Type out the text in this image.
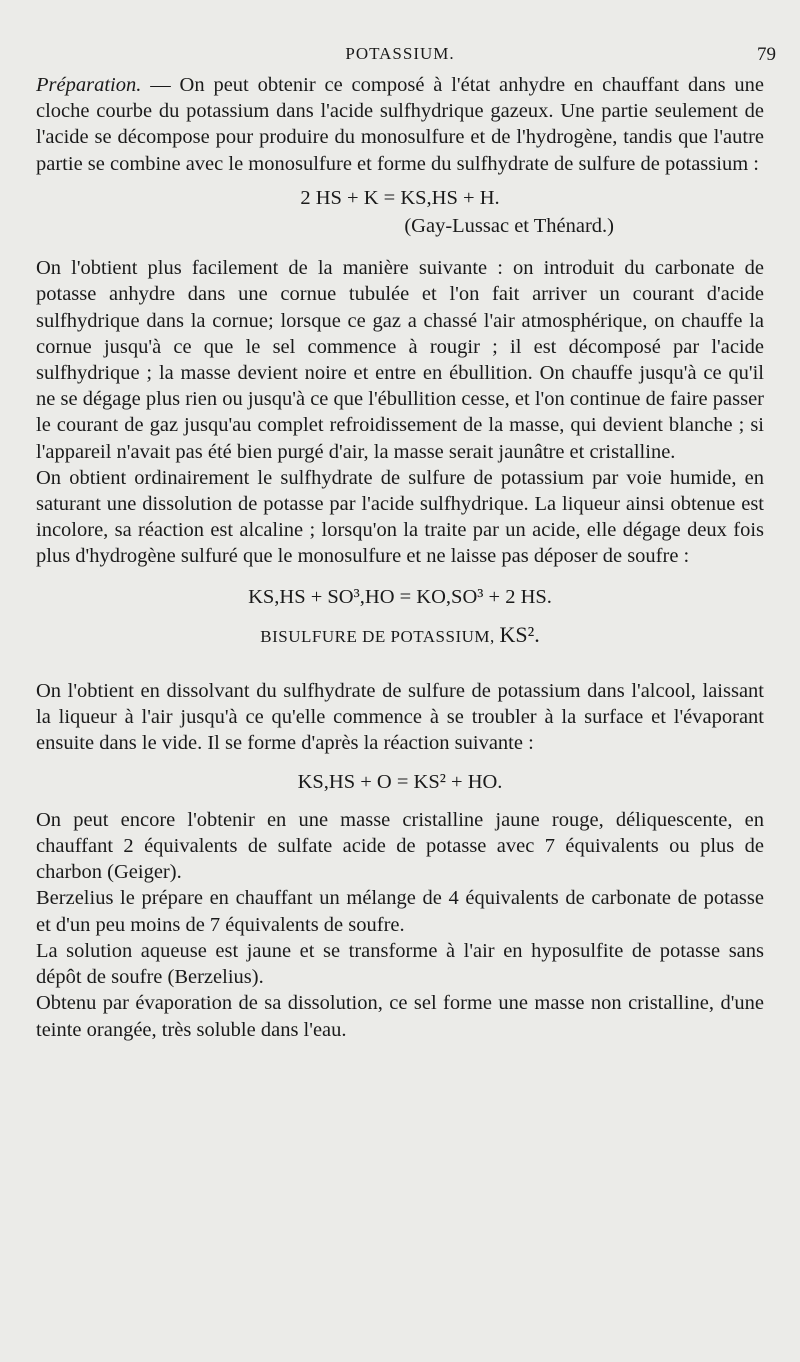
POTASSIUM.	79

Préparation. — On peut obtenir ce composé à l'état anhydre en chauffant dans une cloche courbe du potassium dans l'acide sulfhydrique gazeux. Une partie seulement de l'acide se décompose pour produire du monosulfure et de l'hydrogène, tandis que l'autre partie se combine avec le monosulfure et forme du sulfhydrate de sulfure de potassium :

2 HS + K = KS,HS + H.
(Gay-Lussac et Thénard.)

On l'obtient plus facilement de la manière suivante : on introduit du carbonate de potasse anhydre dans une cornue tubulée et l'on fait arriver un courant d'acide sulfhydrique dans la cornue; lorsque ce gaz a chassé l'air atmosphérique, on chauffe la cornue jusqu'à ce que le sel commence à rougir ; il est décomposé par l'acide sulfhydrique ; la masse devient noire et entre en ébullition. On chauffe jusqu'à ce qu'il ne se dégage plus rien ou jusqu'à ce que l'ébullition cesse, et l'on continue de faire passer le courant de gaz jusqu'au complet refroidissement de la masse, qui devient blanche ; si l'appareil n'avait pas été bien purgé d'air, la masse serait jaunâtre et cristalline.

On obtient ordinairement le sulfhydrate de sulfure de potassium par voie humide, en saturant une dissolution de potasse par l'acide sulfhydrique. La liqueur ainsi obtenue est incolore, sa réaction est alcaline ; lorsqu'on la traite par un acide, elle dégage deux fois plus d'hydrogène sulfuré que le monosulfure et ne laisse pas déposer de soufre :

KS,HS + SO³,HO = KO,SO³ + 2 HS.
BISULFURE DE POTASSIUM, KS².

On l'obtient en dissolvant du sulfhydrate de sulfure de potassium dans l'alcool, laissant la liqueur à l'air jusqu'à ce qu'elle commence à se troubler à la surface et l'évaporant ensuite dans le vide. Il se forme d'après la réaction suivante :

KS,HS + O = KS² + HO.

On peut encore l'obtenir en une masse cristalline jaune rouge, déliquescente, en chauffant 2 équivalents de sulfate acide de potasse avec 7 équivalents ou plus de charbon (Geiger).

Berzelius le prépare en chauffant un mélange de 4 équivalents de carbonate de potasse et d'un peu moins de 7 équivalents de soufre.

La solution aqueuse est jaune et se transforme à l'air en hyposulfite de potasse sans dépôt de soufre (Berzelius).

Obtenu par évaporation de sa dissolution, ce sel forme une masse non cristalline, d'une teinte orangée, très soluble dans l'eau.
